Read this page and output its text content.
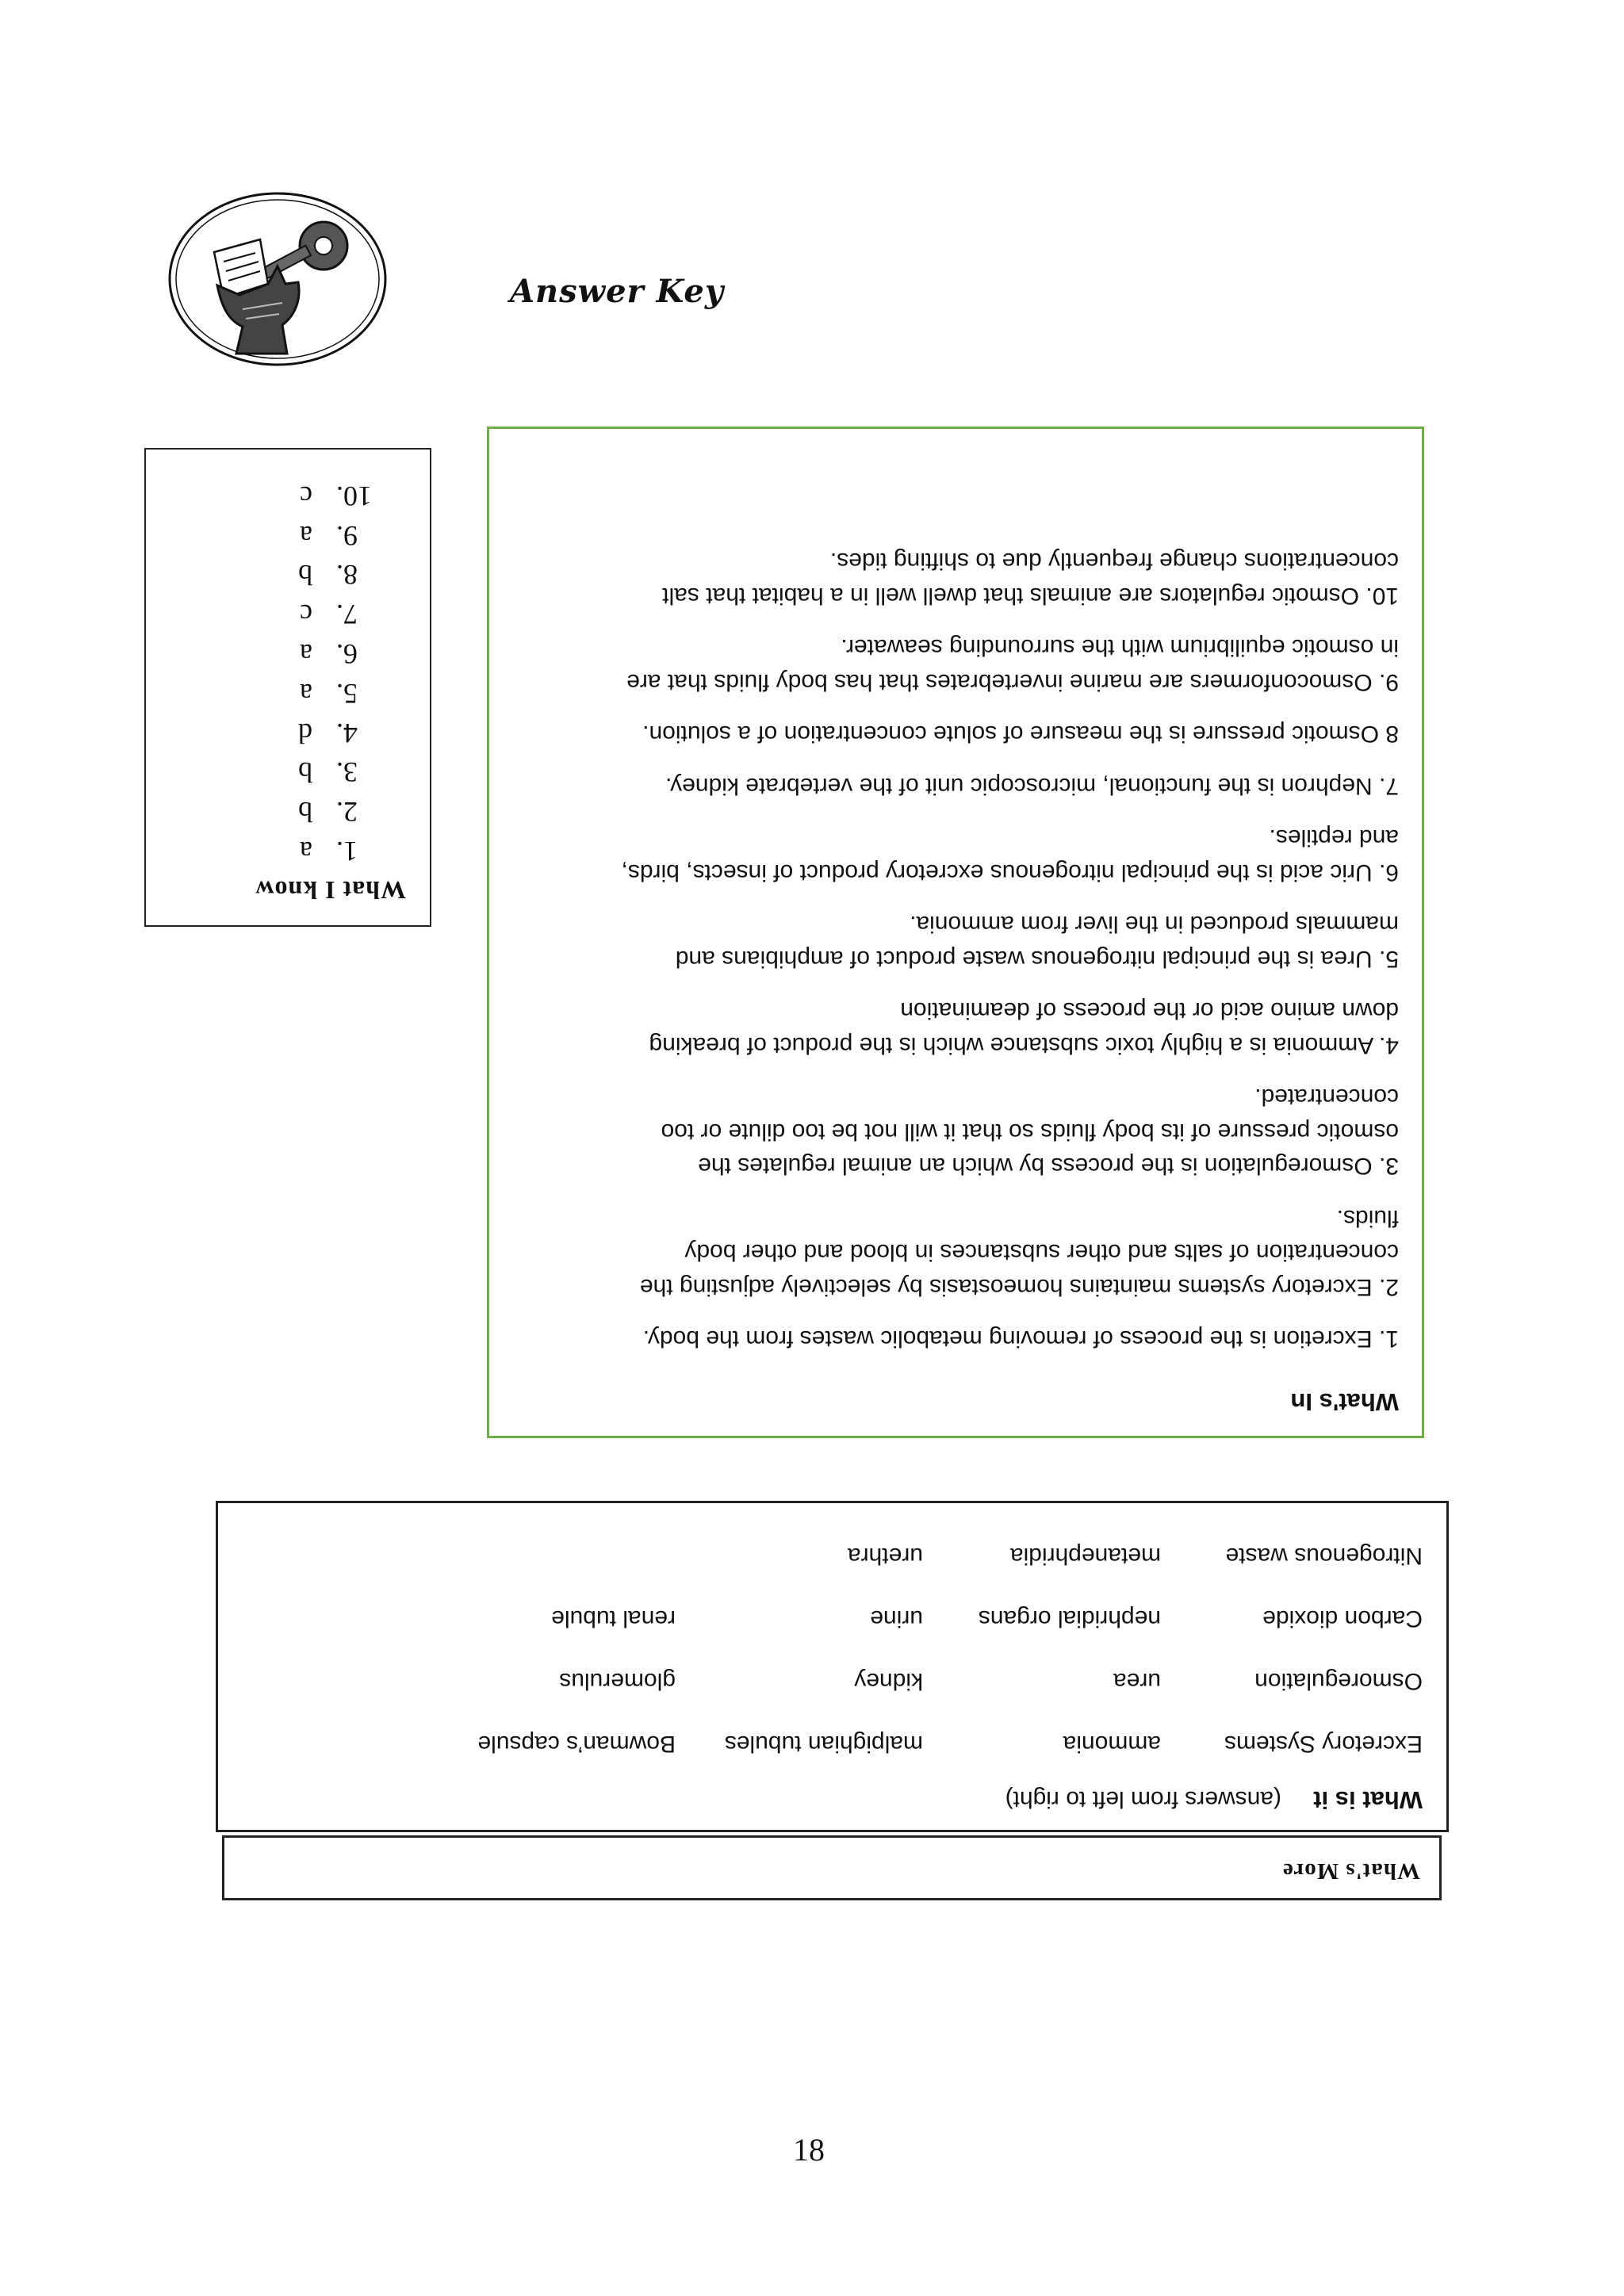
Answer Key
What I know
1.
a
2.
b
3.
b
4.
d
5.
a
6.
a
7.
c
8.
b
9.
a
10.
c
What's In
1. Excretion is the process of removing metabolic wastes from the body.
2. Excretory systems maintains homeostasis by selectively adjusting the
concentration of salts and other substances in blood and other body
fluids.
3. Osmoregulation is the process by which an animal regulates the
osmotic pressure of its body fluids so that it will not be too dilute or too
concentrated.
4. Ammonia is a highly toxic substance which is the product of breaking
down amino acid or the process of deamination
5. Urea is the principal nitrogenous waste product of amphibians and
mammals produced in the liver from ammonia.
6. Uric acid is the principal nitrogenous excretory product of insects, birds,
and reptiles.
7. Nephron is the functional, microscopic unit of the vertebrate kidney.
8 Osmotic pressure is the measure of solute concentration of a solution.
9. Osmoconformers are marine invertebrates that has body fluids that are
in osmotic equilibrium with the surrounding seawater.
10. Osmotic regulators are animals that dwell well in a habitat that salt
concentrations change frequently due to shifting tides.
What is it
(answers from left to right)
Excretory Systems
ammonia
malpighian tubules
Bowman’s capsule
Osmoregulation
urea
kidney
glomerulus
Carbon dioxide
nephridial organs
urine
renal tubule
Nitrogenous waste
metanephridia
urethra
What's More
18
